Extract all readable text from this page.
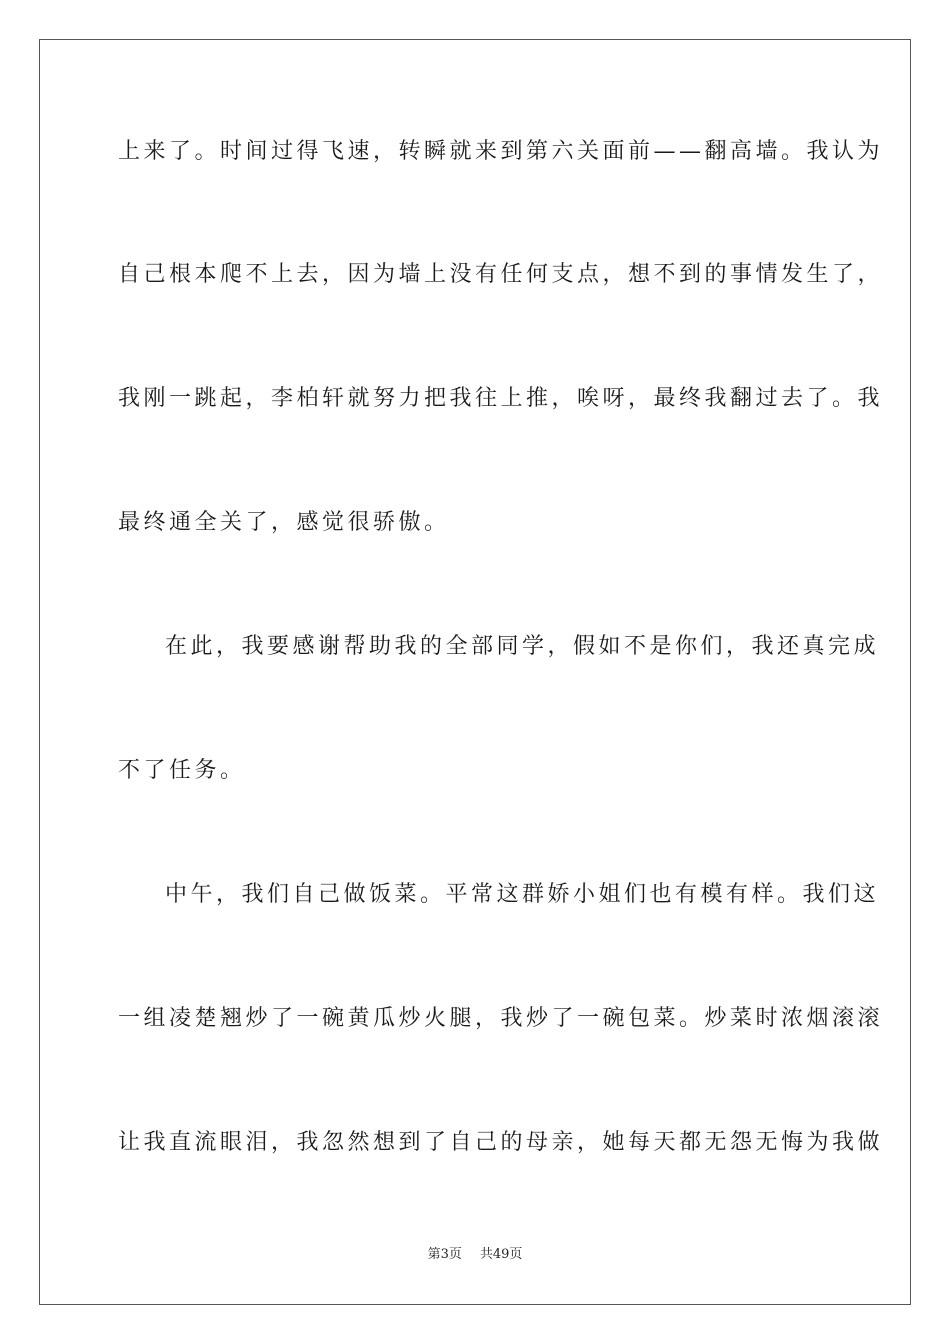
上来了。时间过得飞速，转瞬就来到第六关面前——翻高墙。我认为
自己根本爬不上去，因为墙上没有任何支点，想不到的事情发生了，
我刚一跳起，李柏轩就努力把我往上推，唉呀，最终我翻过去了。我
最终通全关了，感觉很骄傲。
在此，我要感谢帮助我的全部同学，假如不是你们，我还真完成
不了任务。
中午，我们自己做饭菜。平常这群娇小姐们也有模有样。我们这
一组凌楚翘炒了一碗黄瓜炒火腿，我炒了一碗包菜。炒菜时浓烟滚滚
让我直流眼泪，我忽然想到了自己的母亲，她每天都无怨无悔为我做
第3页 共49页
